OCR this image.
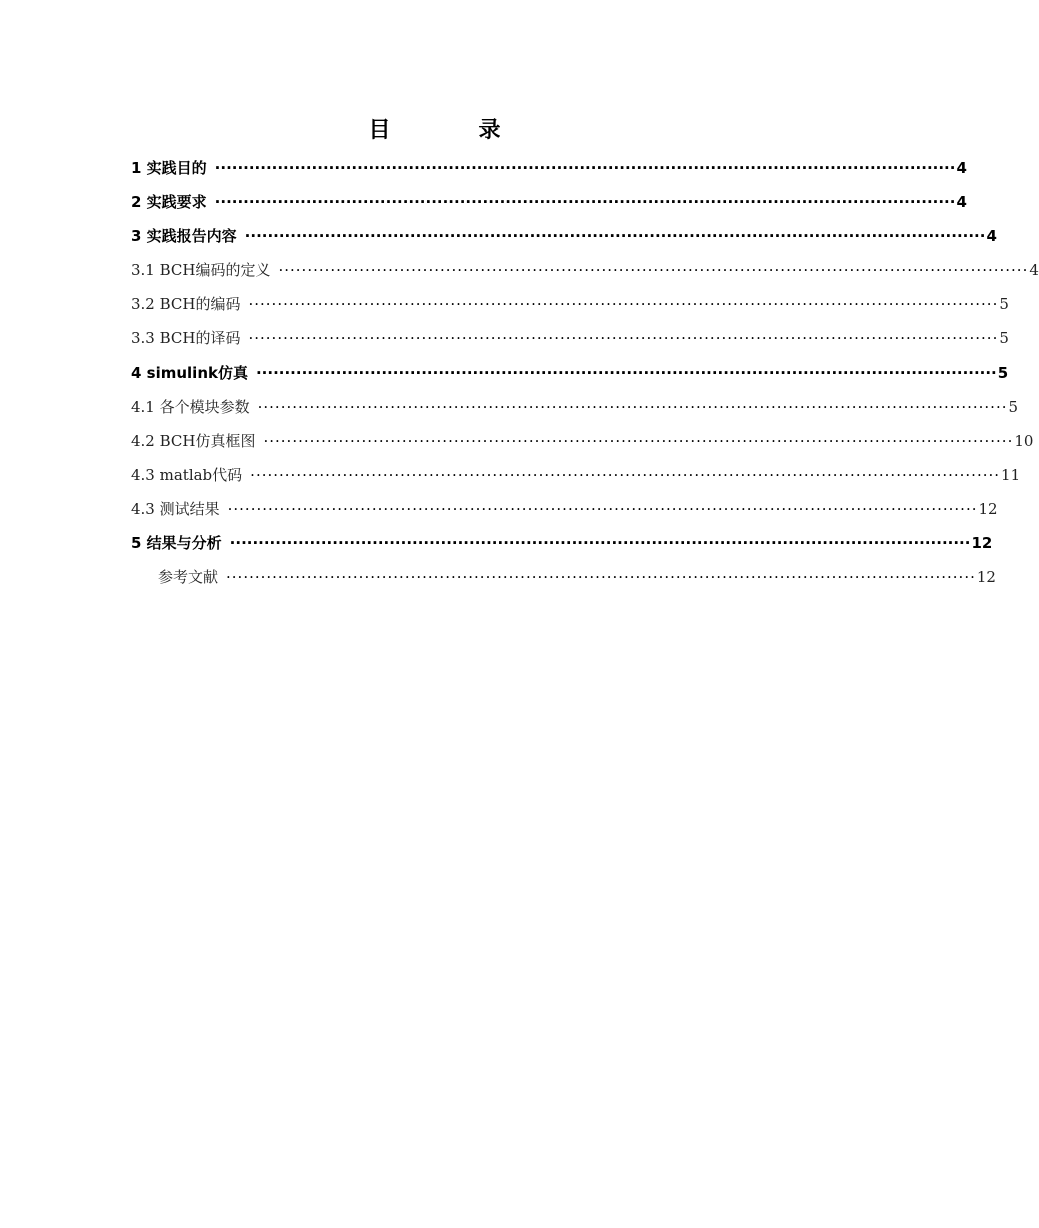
目	录
1 实践目的 ·································································································································· 4
2 实践要求 ·································································································································· 4
3 实践报告内容 ·································································································································· 4
3.1 BCH编码的定义 ·································································································································· 4
3.2 BCH的编码 ·································································································································· 5
3.3 BCH的译码 ·································································································································· 5
4 simulink仿真 ·································································································································· 5
4.1 各个模块参数 ·································································································································· 5
4.2 BCH仿真框图 ·································································································································· 10
4.3 matlab代码 ·································································································································· 11
4.3 测试结果 ·································································································································· 12
5 结果与分析 ·································································································································· 12
参考文献 ·································································································································· 12
